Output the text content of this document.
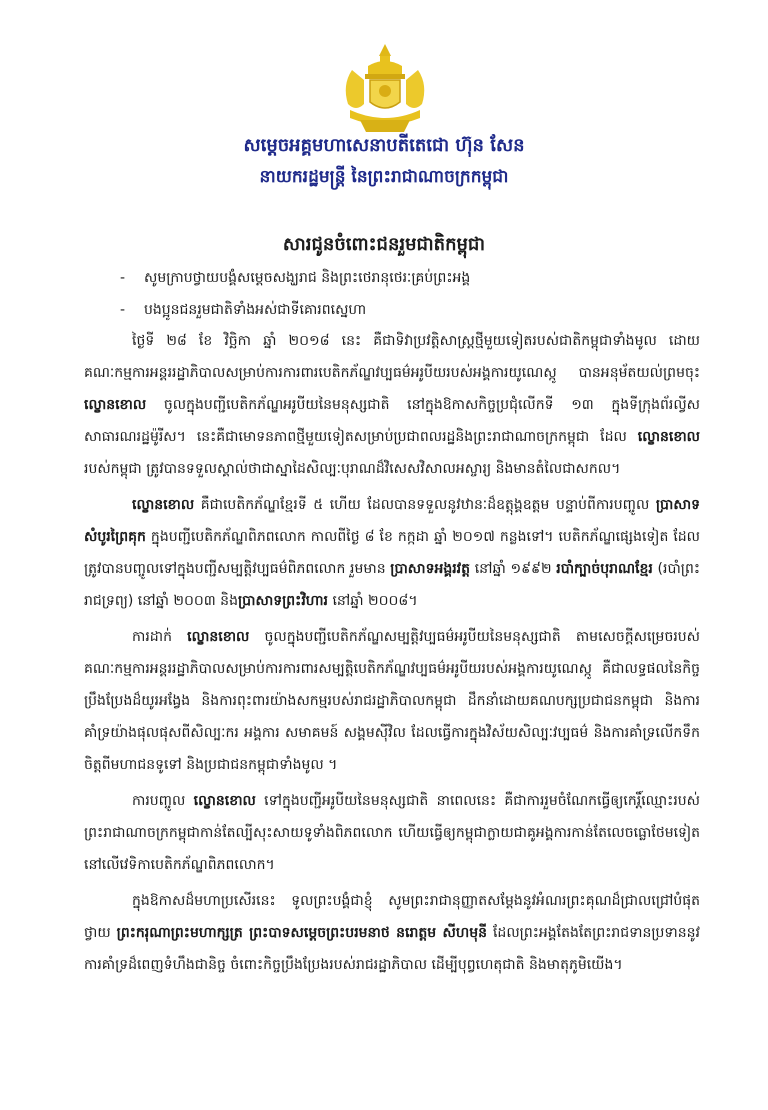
សម្តេចអគ្គមហាសេនាបតីតេជោ ហ៊ុន សែន
នាយករដ្ឋមន្ត្រី នៃព្រះរាជាណាចក្រកម្ពុជា
សារជូនចំពោះជនរួមជាតិកម្ពុជា
- សូមក្រាបថ្វាយបង្គំសម្តេចសង្ឃរាជ និងព្រះថេរានុថេរៈគ្រប់ព្រះអង្គ
- បងប្អូនជនរួមជាតិទាំងអស់ជាទីគោរពស្នេហា

ថ្ងៃទី ២៨ ខែ វិច្ឆិកា ឆ្នាំ ២០១៨ នេះ គឺជាទិវាប្រវត្តិសាស្ត្រថ្មីមួយទៀតរបស់ជាតិកម្ពុជាទាំងមូល ដោយគណៈកម្មការអន្តររដ្ឋាភិបាលសម្រាប់ការការពារបេតិកភ័ណ្ឌវប្បធម៌អរូបីយរបស់អង្គការយូណេស្កូ បានអនុម័តយល់ព្រមចុះ ល្ខោនខោល ចូលក្នុងបញ្ជីបេតិកភ័ណ្ឌអរូបីយនៃមនុស្សជាតិ នៅក្នុងឱកាសកិច្ចប្រជុំលើកទី ១៣ ក្នុងទីក្រុងព័រល្វីស សាធារណរដ្ឋម៉ូរីស។ នេះគឺជាមោទនភាពថ្មីមួយទៀតសម្រាប់ប្រជាពលរដ្ឋនិងព្រះរាជាណាចក្រកម្ពុជា ដែល ល្ខោនខោល របស់កម្ពុជា ត្រូវបានទទួលស្គាល់ថាជាស្នាដៃសិល្បៈបុរាណដ៏វិសេសវិសាលអស្ចារ្យ និងមានតំលៃជាសកល។

ល្ខោនខោល គឺជាបេតិកភ័ណ្ឌខ្មែរទី ៥ ហើយ ដែលបានទទួលនូវឋានៈដ៏ឧត្តុង្គឧត្តម បន្ទាប់ពីការបញ្ចូល ប្រាសាទសំបូរព្រៃគុក ក្នុងបញ្ជីបេតិកភ័ណ្ឌពិភពលោក កាលពីថ្ងៃ ៨ ខែ កក្កដា ឆ្នាំ ២០១៧ កន្លងទៅ។ បេតិកភ័ណ្ឌផ្សេងទៀត ដែលត្រូវបានបញ្ចូលទៅក្នុងបញ្ជីសម្បត្តិវប្បធម៌ពិភពលោក រួមមាន ប្រាសាទអង្គរវត្ត នៅឆ្នាំ ១៩៩២ របាំក្បាច់បុរាណខ្មែរ (របាំព្រះរាជទ្រព្យ) នៅឆ្នាំ ២០០៣ និងប្រាសាទព្រះវិហារ នៅឆ្នាំ ២០០៨។

ការដាក់ ល្ខោនខោល ចូលក្នុងបញ្ជីបេតិកភ័ណ្ឌសម្បត្តិវប្បធម៌អរូបីយនៃមនុស្សជាតិ តាមសេចក្តីសម្រេចរបស់គណៈកម្មការអន្តររដ្ឋាភិបាលសម្រាប់ការការពារសម្បត្តិបេតិកភ័ណ្ឌវប្បធម៌អរូបីយរបស់អង្គការយូណេស្កូ គឺជាលទ្ធផលនៃកិច្ចប្រឹងប្រែងដ៏យូរអង្វែង និងការពុះពារយ៉ាងសកម្មរបស់រាជរដ្ឋាភិបាលកម្ពុជា ដឹកនាំដោយគណបក្សប្រជាជនកម្ពុជា និងការគាំទ្រយ៉ាងផុលផុសពីសិល្បៈករ អង្គការ សមាគមន៍ សង្គមស៊ីវិល ដែលធ្វើការក្នុងវិស័យសិល្បៈវប្បធម៌ និងការគាំទ្រលើកទឹកចិត្តពីមហាជនទូទៅ និងប្រជាជនកម្ពុជាទាំងមូល ។

ការបញ្ចូល ល្ខោនខោល ទៅក្នុងបញ្ជីអរូបីយនៃមនុស្សជាតិ នាពេលនេះ គឺជាការរួមចំណែកធ្វើឲ្យកេរ្តិ៍ឈ្មោះរបស់ព្រះរាជាណាចក្រកម្ពុជាកាន់តែល្បីសុះសាយទូទាំងពិភពលោក ហើយធ្វើឲ្យកម្ពុជាក្លាយជាគូអង្គការកាន់តែលេចធ្លោថែមទៀត នៅលើវេទិកាបេតិកភ័ណ្ឌពិភពលោក។

ក្នុងឱកាសដ៏មហាប្រសើរនេះ ទូលព្រះបង្គំជាខ្ញុំ សូមព្រះរាជានុញ្ញាតសម្តែងនូវអំណរព្រះគុណដ៏ជ្រាលជ្រៅបំផុតថ្វាយ ព្រះករុណាព្រះមហាក្សត្រ ព្រះបាទសម្តេចព្រះបរមនាថ នរោត្តម សីហមុនី ដែលព្រះអង្គតែងតែព្រះរាជទានប្រទាននូវការគាំទ្រដ៏ពេញទំហឹងជានិច្ច ចំពោះកិច្ចប្រឹងប្រែងរបស់រាជរដ្ឋាភិបាល ដើម្បីបុព្វហេតុជាតិ និងមាតុភូមិយើង។
